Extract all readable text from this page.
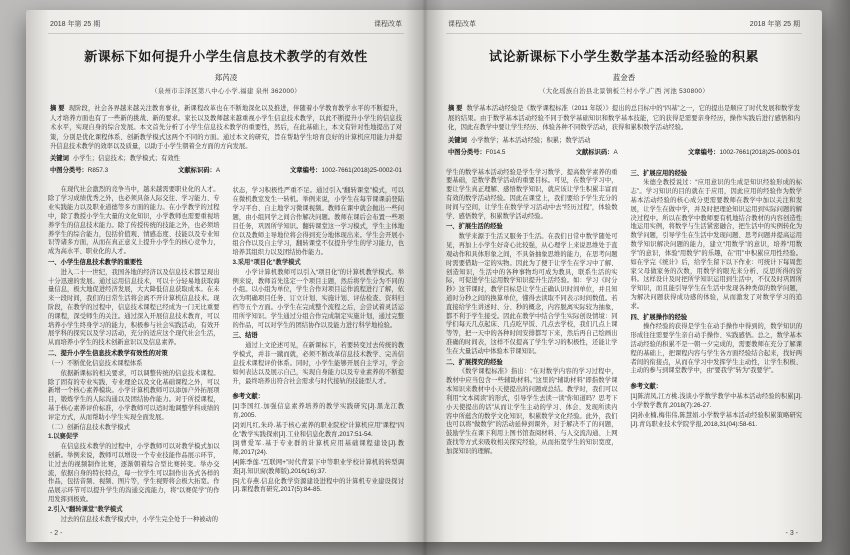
2018 年第 25 期	课程改革
新课标下如何提升小学生信息技术教学的有效性
郑芮凌
（泉州市丰泽区第八中心小学,福建 泉州 362000）
摘 要 现阶段，社会各界越来越关注教育事业，新课程改革也在不断地深化以及推进，伴随着小学教育教学水平的不断提升，人才培养方面也有了一些新的挑战、新的要求。家长以及教师越来越重视小学生信息技术教学，以此不断提升小学生的信息技术水平，实现自身的综合发展。本文首先分析了小学生信息技术教学的重要性，然后，在此基础上，本文有针对性地提出了对策，分别是优化课程体系、创新教学模式这两个不同的方面。通过本文的研究，旨在帮助学生培育良好的计算机应用能力并提升信息技术教学的效率以及质量，以助于小学生朝着全方面的方向发展。
关键词 小学生；信息技术；教学模式；有效性
中图分类号：R857.3	文献标识码：A	文章编号：1002-7661(2018)25-0002-01
在现代社会激烈的竞争当中，越来越需要职业化的人才。除了学习成绩优秀之外，也必须具备人际交往、学习能力、专业实践能力以及职业道德等多方面的能力。在小学教学的过程中，除了教授小学生大量的文化知识，小学教师也需要重视培养学生的信息技术能力。除了传授传统的技能之外，也必须培养学生的综合能力，包括价值观、情感态度、技能以及专业知识等诸多方面，从而在真正意义上提升小学生的核心竞争力，成为高水平、职业化的人才。
一、小学生信息技术教学的重要性
进入二十一世纪，我国各地的经济以及信息技术都呈现出十分迅速的发展。通过运用信息技术，可以十分轻易地获取海量信息，极大地促进经济发展，大大降低信息获取成本。在未来一段时间，我们的日常生活将会离不开计算机信息技术。现阶段，在教学的过程中，信息技术课程已经成为一门无比重要的课程，深受师生的关注。通过深入开展信息技术教育，可以培养小学生终身学习的能力，积极参与社会实践活动，有效开展学科的探究以及学习活动，充分的适应这个现代社会生活，从而培养小学生的技术创新意识以及信息素养。
二、提升小学生信息技术教学有效性的对策
（一）不断优化信息技术课程体系
依据新课标的相关要求，可以调整传统的信息技术课程。除了固有的专业实践、专业理论以及文化基础课程之外，可以新增一个核心素养模块。小学计算机教师可以添加户外拓展项目，锻炼学生的人际沟通以及团结协作能力。对于所授课程，基于核心素养评价标准，小学教师可以适时地调整学科成绩的评定方式，从而帮助小学生实现全面发展。
（二）创新信息技术教学模式
1.以赛促学
在信息技术教学的过程中，小学教师可以对教学模式加以创新。举例来说，教师可以增设一个专业技能作品展示环节，让过去的视频制作比赛，逐渐朝着综合型比赛转变。举办交流，依据自身的特长特点，每一位学生可以制作出各式各样的作品，包括音频、视频、图片等，学生视野将会极大拓宽。作品展示环节可以提升学生的沟通交流能力，将“以赛促学”的作用发挥到极致。
2.引入“翻转课堂”教学模式
过去的信息技术教学模式中，小学生完全处于一种被动的
状态，学习积极性严重不足。通过引入“翻转课堂”模式，可以在微机教室发生一转机。举例来说，小学生在每节课课前登陆学习平台、自主地学习微课视频。教师在课中就会抛出一些问题，由小组同学之间合作解决问题。教师在课后会布置一些项目任务，巩固所学知识。翻转课堂这一学习模式，学生主体地位以及教师主导地位将会得到充分地体现出来。学生会开展小组合作以及自主学习，翻转课堂不仅提升学生的学习能力，也培养其组织力以及团结协作能力。
3.采用“项目化”教学模式
小学计算机教师可以引入“项目化”的计算机教学模式。举例来说，教师首先选定一个项目主题，然后将学生分为不同的小组。以小组为单位，学生合作对项目运作流程进行了解，依次为明确项目任务、订立计划、实施计划、评估检查、资料归档等五个方面。小学生在完成整个流程之后，会尝试着灵活运用所学知识。学生通过分组合作完成制定实施计划，通过完整的作品，可以对学生的团结协作以及能力进行科学地检验。
三、结语
通过上文论述可见，在新课标下，若要转变过去传统的教学模式，并非一蹴而就，必须不断改革信息技术教学、完善信息技术课程评价体系。同时，小学生能够开展自主学习，学会如何表达以及展示自己，实现自身能力以及专业素养的不断提升，最终培养出符合社会需求与时代接轨的技能型人才。
参考文献：
[1]李国红.加强信息素养培养的教学实践研究[J].黑龙江教育,2005.
[2]刘凡红,朱玲.基于核心素养的职业院校“计算机应用”课程“四化”教学实践探索[J].工业和信息化教育,2017:51-54.
[3]曹爱军.基于专业群的计算机应用基础课程建设[J].教师,2017(24).
[4]陈季莲.“互联网+”时代背景下中等职业学校计算机的转型调查[J].知识窗(教师版),2016(16):37.
[5]尤春燕.信息化教学资源建设进程中的计算机专业建设探讨[J].课程教育研究,2017(5):84-85.
- 2 -
课程改革	2018 年第 25 期
试论新课标下小学生数学基本活动经验的积累
蓝金香
（大化瑶族自治县北景镇板兰村小学,广西 河池 530800）
摘 要 数学基本活动经验是《数学课程标准（2011 年版）》提出的总目标中的“四基”之一，它的提出是顺应了时代发展和数学发展的结果。由于数学基本活动经验不同于数学基础知识和数学基本技能，它的获得是需要亲身经历，操作实践后进行感悟和内化，因此在教学中要让学生经历、体验各种不同数学活动，获得和累积数学活动经验。
关键词 小学数学；基本活动经验；积累；数学活动
中图分类号：F014.5	文献标识码：A	文章编号：1002-7661(2018)25-0003-01
学生的数学基本活动经验是学生学习数学、提高数学素养的重要基础，是数学教学活动的重要目标。可见，在数学学习中，要让学生真正理解、感悟数学知识，就应该让学生积累丰富而有效的数学活动经验。因此在课堂上，我们要给予学生充分的时间与空间，让学生在数学学习活动中去“经历过程”，体验数学、感悟数学，积累数学活动经验。
一、扩展生活的经验
数学来源于生活又服务于生活。在我们日常中数学随处可见，再加上小学生好奇心比较强，从心理学上来说思维处于直观动作和具体形象之间，不具备抽象思维的能力，在思考问题时需要借助一定的实物。因此为了便于让学生在学习中了解、创造知识，生活中的各种事物均可成为教具，联系生活的实际，可促进学生运用数学知识提升生活经验。如：学习《时分秒》这节课时，教学目标是让学生正确认识时间单位，并且知道时分秒之间的换算单位，懂得去读取不同表示时间数值。若直接给学生讲述时、分、秒的概念，内容脱离实际较为抽象，都不利于学生接受。因此在教学中结合学生实际创设情境：同学们每天几点起床、几点吃早饭、几点去学校，我们几点上课等等，把一天中的各种时间安排都写下来，然后再自己绘画出准确的时间表，这样不仅提高了学生学习的积极性，还能让学生在大量活动中体验本节课知识。
二、扩展探究的经验
《数学课程标准》指出：“在对数学内容的学习过程中，教材中应当包含一些辅助材料。”这里的“辅助材料”即指数学课本知识来教材中小天使提出的问题或总结。教学时，我们可以利用“文本阅读”的形式，引导学生去读一读“你知道吗？思考下小天使提出的话”从而让学生主动的学习、体会、发现所读内容中所蕴含的数学文化知识，积累数学文化经验。此外，我们也可以将“做数学”的活动延伸到课外，对于解决不了的问题，鼓励学生在课下利用上图书馆查阅材料、与人交流沟通、上网查找等方式来吸收相关探究经验，从而拓宽学生的知识宽度，加深知识的理解。
三、扩展应用的经验
朱德全教授说过：“应用意识的生成是知识经验形成的标志”。学习知识的目的就在于应用，因此应用的经验作为数学基本活动经验的核心成分更需要教师在教学中加以关注和发展，让学生在做中学，并及时把理论知识运用到实际问题的解决过程中。所以在教学中教师要有机地结合教材的内容创造性地运用实例，将数学与生活紧密融合，把生活中的实例转化为数学问题，引导学生在生活中发现问题、思考问题并提高运用数学知识解决问题的能力，建立“用数学”的意识，培养“用数学”的意识，体验“用数学”的乐趣，在“用”中积累应用性经验。如在学完《统计》后，给学生留下以下作业：可统计下每周您家父母做家务的次数，用数学的眼光来分析、反思所得的资料。这样设计及时把所学知识运用到生活中，不仅及时巩固所学知识，而且能引导学生在生活中发现各种类似的数学问题，为解决问题获得成功感的体验，从而激发了对数学学习的追求。
四、扩展操作的经验
操作经验的获得是学生在动手操作中得到的，数学知识的形成往往需要学生亲自动手操作、实践感悟。总之，数学基本活动经验的积累不是一朝一夕完成的，需要教师在充分了解课程的基础上，把课程内容与学生各方面经验结合起来，找好两者间的衔接点，从而在学习中发挥学生主动性，让学生积极、主动的参与到课堂教学中，由“要我学”转为“我要学”。
参考文献：
[1]陈清凤,江方桃.浅谈小学数学教学中基本活动经验的积累[J].小学数学教育,2018(7):26-27.
[2]孙业楠,梅伟伟,陈慧娟.小学数学基本活动经验积累策略研究[J].青岛职业技术学院学报,2018,31(04):58-61.
- 3 -
